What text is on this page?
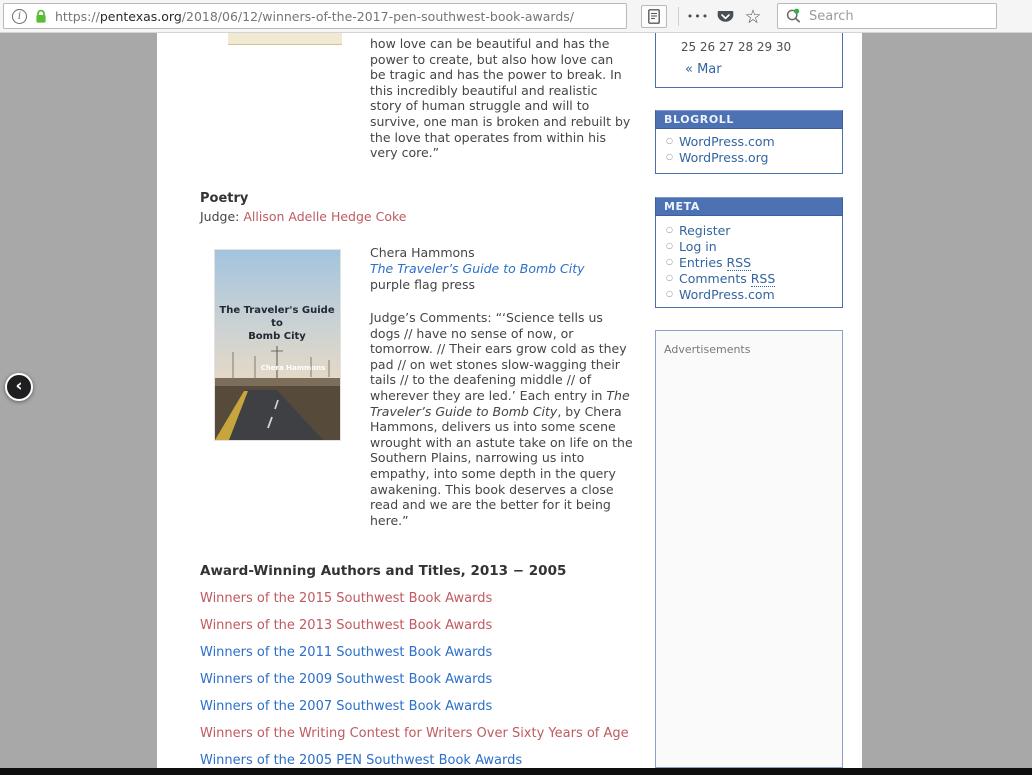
i	https://pentexas.org/2018/06/12/winners-of-the-2017-pen-southwest-book-awards/	••• ☆
Search
‹
how love can be beautiful and has the power to create, but also how love can be tragic and has the power to break. In this incredibly beautiful and realistic story of human struggle and will to survive, one man is broken and rebuilt by the love that operates from within his very core.”
Poetry
Judge: Allison Adelle Hedge Coke
The Traveler's Guide
to
Bomb City
Chera Hammons
Chera Hammons
The Traveler’s Guide to Bomb City
purple flag press
Judge’s Comments: “‘Science tells us dogs // have no sense of now, or tomorrow. // Their ears grow cold as they pad // on wet stones slow-wagging their tails // to the deafening middle // of wherever they are led.’ Each entry in The Traveler’s Guide to Bomb City, by Chera Hammons, delivers us into some scene wrought with an astute take on life on the Southern Plains, narrowing us into empathy, into some depth in the query awakening. This book deserves a close read and we are the better for it being here.”
Award-Winning Authors and Titles, 2013 − 2005
Winners of the 2015 Southwest Book Awards
Winners of the 2013 Southwest Book Awards
Winners of the 2011 Southwest Book Awards
Winners of the 2009 Southwest Book Awards
Winners of the 2007 Southwest Book Awards
Winners of the Writing Contest for Writers Over Sixty Years of Age
Winners of the 2005 PEN Southwest Book Awards
25 26 27 28 29 30
« Mar
BLOGROLL
○ WordPress.com
○ WordPress.org
META
○ Register
○ Log in
○ Entries RSS
○ Comments RSS
○ WordPress.com
Advertisements
